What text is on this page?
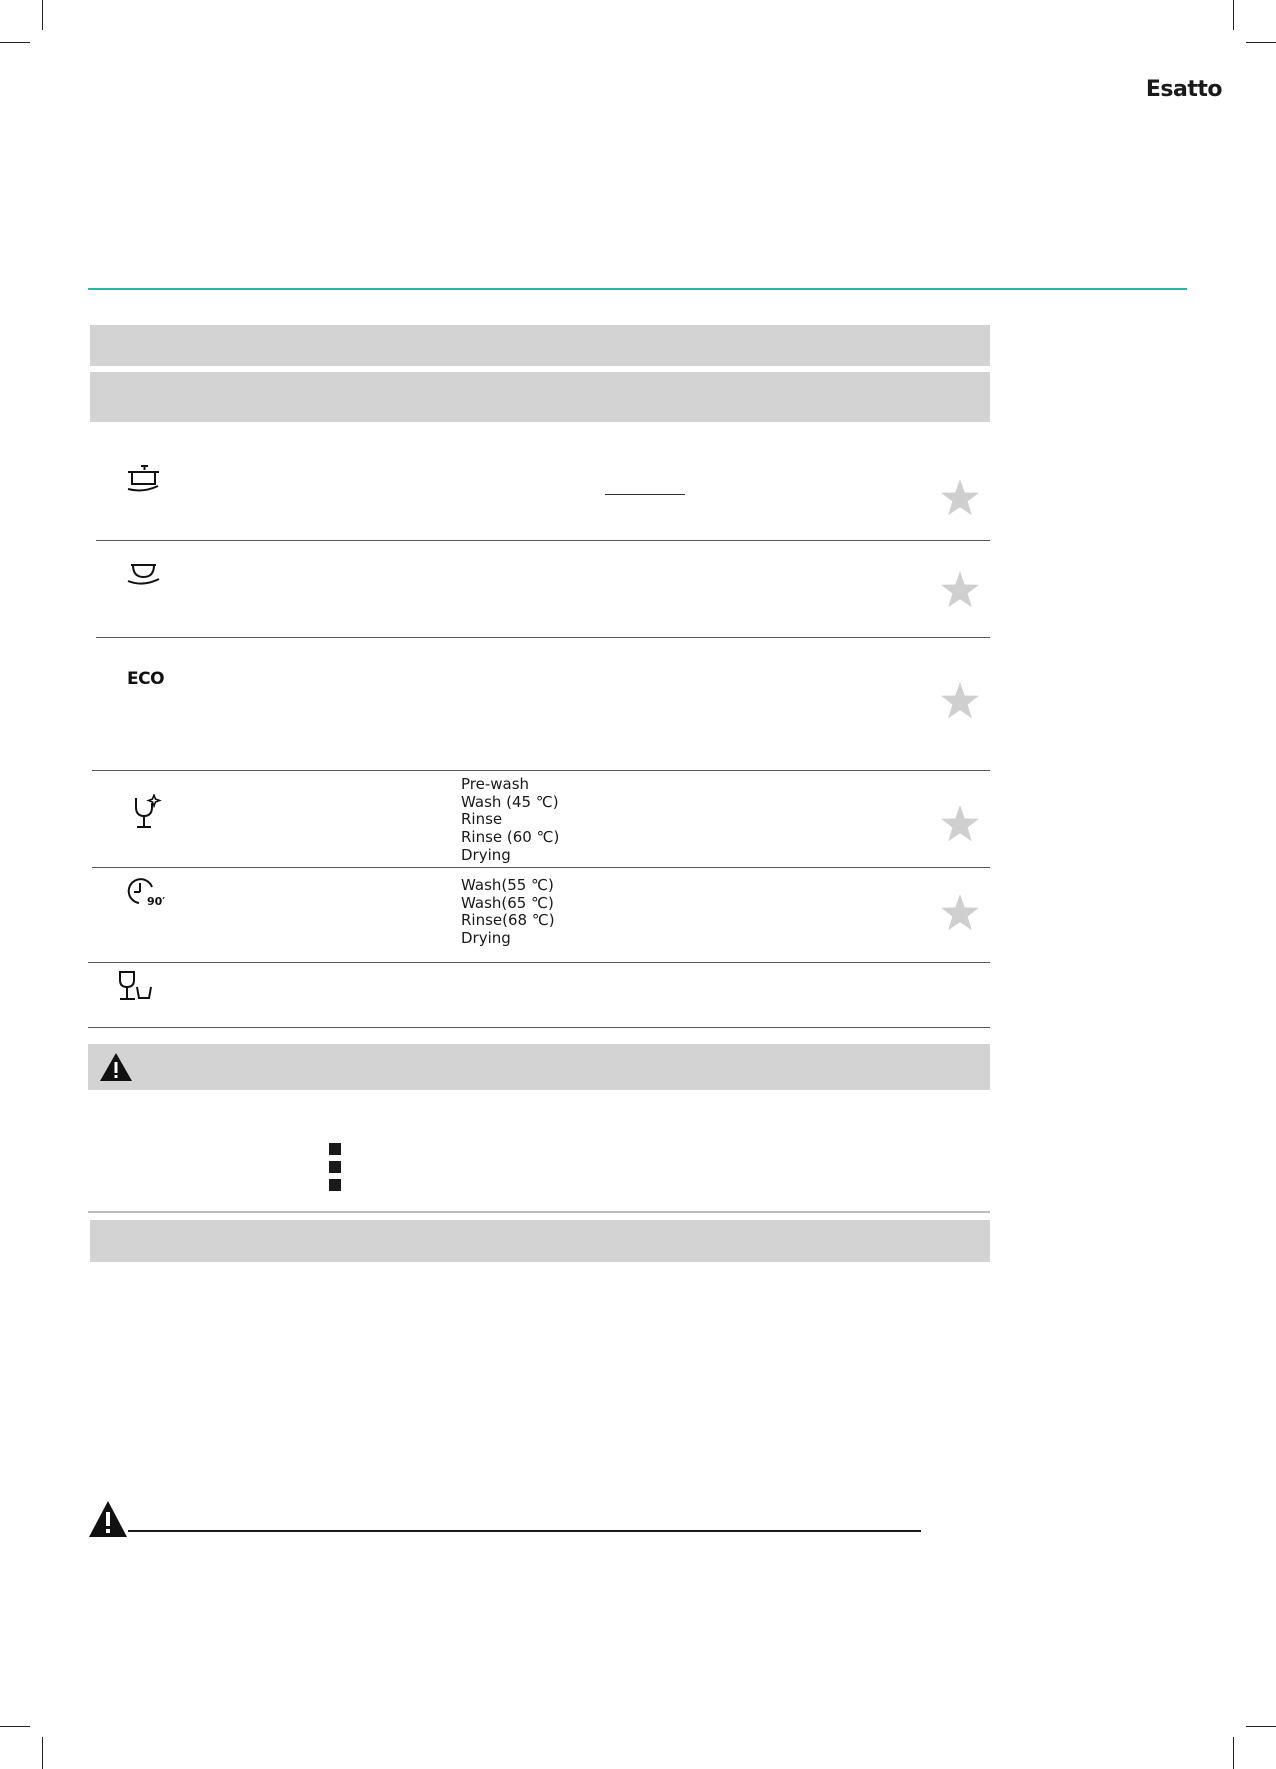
Esatto
ECO
Pre-wash
Wash (45 ℃)
Rinse
Rinse (60 ℃)
Drying
90′
Wash(55 ℃)
Wash(65 ℃)
Rinse(68 ℃)
Drying
